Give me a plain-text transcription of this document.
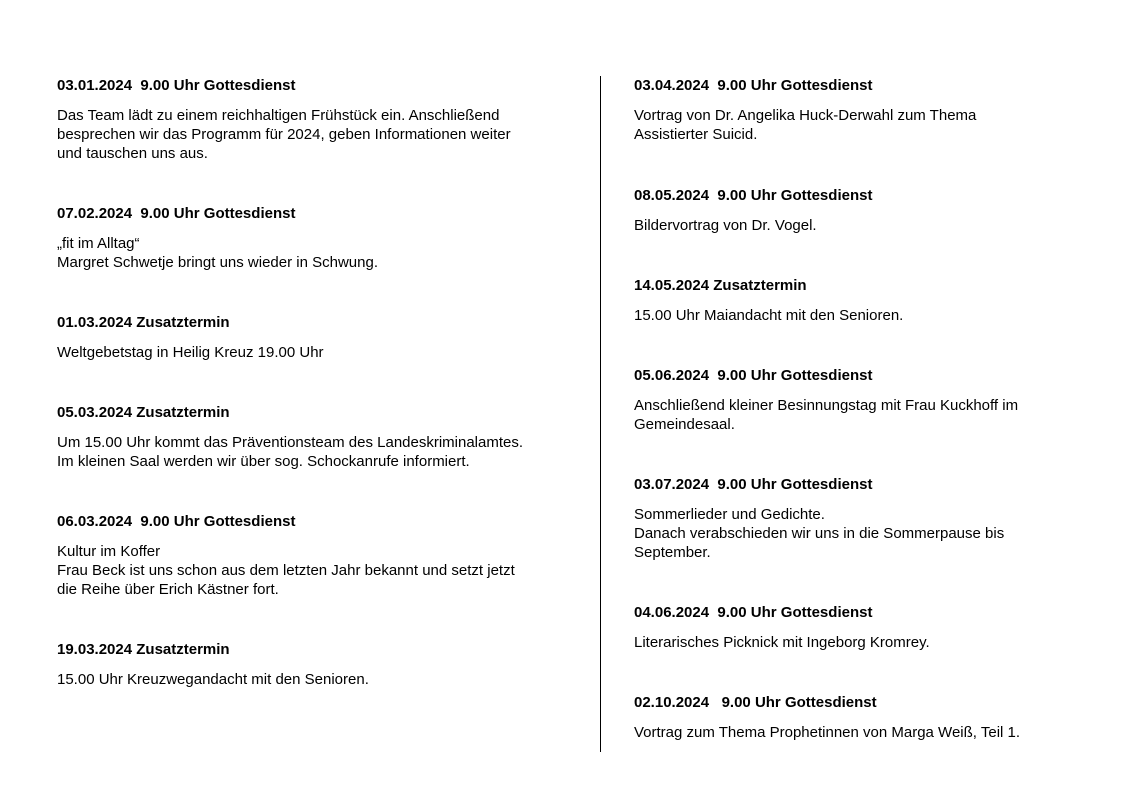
03.01.2024  9.00 Uhr Gottesdienst

Das Team lädt zu einem reichhaltigen Frühstück ein. Anschließend
besprechen wir das Programm für 2024, geben Informationen weiter
und tauschen uns aus.

07.02.2024  9.00 Uhr Gottesdienst

„fit im Alltag“
Margret Schwetje bringt uns wieder in Schwung.

01.03.2024 Zusatztermin

Weltgebetstag in Heilig Kreuz 19.00 Uhr

05.03.2024 Zusatztermin

Um 15.00 Uhr kommt das Präventionsteam des Landeskriminalamtes.
Im kleinen Saal werden wir über sog. Schockanrufe informiert.

06.03.2024  9.00 Uhr Gottesdienst

Kultur im Koffer
Frau Beck ist uns schon aus dem letzten Jahr bekannt und setzt jetzt
die Reihe über Erich Kästner fort.

19.03.2024 Zusatztermin

15.00 Uhr Kreuzwegandacht mit den Senioren.

03.04.2024  9.00 Uhr Gottesdienst

Vortrag von Dr. Angelika Huck-Derwahl zum Thema
Assistierter Suicid.

08.05.2024  9.00 Uhr Gottesdienst

Bildervortrag von Dr. Vogel.

14.05.2024 Zusatztermin

15.00 Uhr Maiandacht mit den Senioren.

05.06.2024  9.00 Uhr Gottesdienst

Anschließend kleiner Besinnungstag mit Frau Kuckhoff im
Gemeindesaal.

03.07.2024  9.00 Uhr Gottesdienst

Sommerlieder und Gedichte.
Danach verabschieden wir uns in die Sommerpause bis
September.

04.06.2024  9.00 Uhr Gottesdienst

Literarisches Picknick mit Ingeborg Kromrey.

02.10.2024   9.00 Uhr Gottesdienst

Vortrag zum Thema Prophetinnen von Marga Weiß, Teil 1.
